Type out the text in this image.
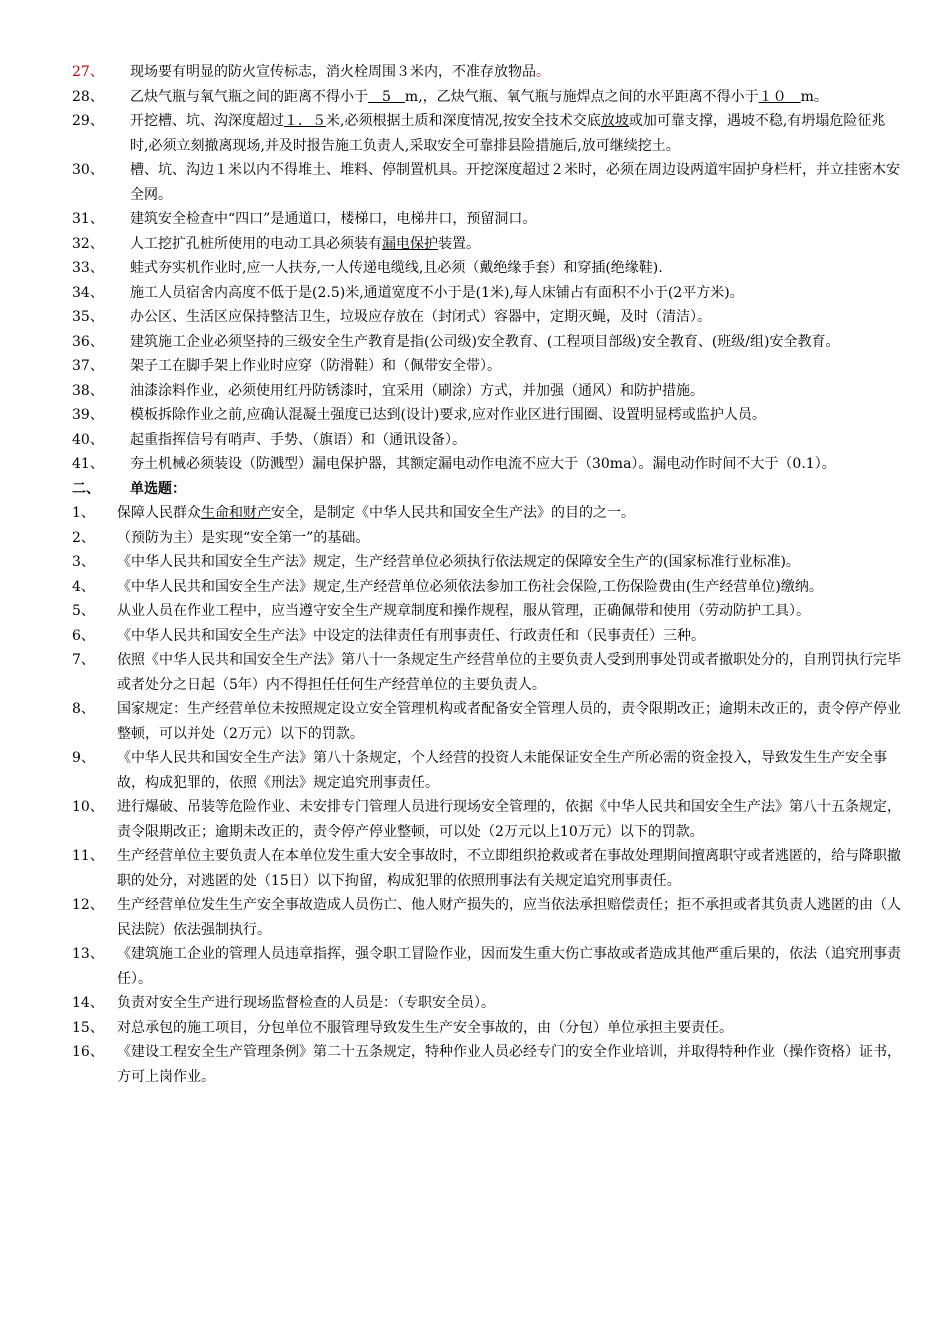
27、	现场要有明显的防火宣传标志，消火栓周围３米内，不准存放物品。
28、	乙炔气瓶与氧气瓶之间的距离不得小于　5　m,，乙炔气瓶、氧气瓶与施焊点之间的水平距离不得小于１０　m。
29、	开挖槽、坑、沟深度超过１．５米,必须根据土质和深度情况,按安全技术交底放坡或加可靠支撑，遇坡不稳,有坍塌危险征兆时,必须立刻撤离现场,并及时报告施工负责人,采取安全可靠排县险措施后,放可继续挖土。
30、	槽、坑、沟边１米以内不得堆土、堆料、停制置机具。开挖深度超过２米时，必须在周边设两道牢固护身栏杆，并立挂密木安全网。
31、	建筑安全检查中“四口”是通道口，楼梯口，电梯井口，预留洞口。
32、	人工挖扩孔桩所使用的电动工具必须装有漏电保护装置。
33、	蛙式夯实机作业时,应一人扶夯,一人传递电缆线,且必须（戴绝缘手套）和穿插(绝缘鞋).
34、	施工人员宿舍内高度不低于是(2.5)米,通道宽度不小于是(1米),每人床铺占有面积不小于(2平方米)。
35、	办公区、生活区应保持整洁卫生，垃圾应存放在（封闭式）容器中，定期灭蝇，及时（清洁）。
36、	建筑施工企业必须坚持的三级安全生产教育是指(公司级)安全教育、(工程项目部级)安全教育、(班级/组)安全教育。
37、	架子工在脚手架上作业时应穿（防滑鞋）和（佩带安全带）。
38、	油漆涂料作业，必须使用红丹防锈漆时，宜采用（刷涂）方式，并加强（通风）和防护措施。
39、	模板拆除作业之前,应确认混凝土强度已达到(设计)要求,应对作业区进行围圈、设置明显樗或监护人员。
40、	起重指挥信号有哨声、手势、（旗语）和（通讯设备）。
41、	夯土机械必须装设（防溅型）漏电保护器，其额定漏电动作电流不应大于（30ma）。漏电动作时间不大于（0.1）。
二、	单选题：
1、	保障人民群众生命和财产安全，是制定《中华人民共和国安全生产法》的目的之一。
2、	（预防为主）是实现“安全第一”的基础。
3、	《中华人民共和国安全生产法》规定，生产经营单位必须执行依法规定的保障安全生产的(国家标准行业标准)。
4、	《中华人民共和国安全生产法》规定,生产经营单位必须依法参加工伤社会保险,工伤保险费由(生产经营单位)缴纳。
5、	从业人员在作业工程中，应当遵守安全生产规章制度和操作规程，服从管理，正确佩带和使用（劳动防护工具）。
6、	《中华人民共和国安全生产法》中设定的法律责任有刑事责任、行政责任和（民事责任）三种。
7、	依照《中华人民共和国安全生产法》第八十一条规定生产经营单位的主要负责人受到刑事处罚或者撤职处分的，自刑罚执行完毕或者处分之日起（5年）内不得担任任何生产经营单位的主要负责人。
8、	国家规定：生产经营单位未按照规定设立安全管理机构或者配备安全管理人员的，责令限期改正；逾期未改正的，责令停产停业整顿，可以并处（2万元）以下的罚款。
9、	《中华人民共和国安全生产法》第八十条规定，个人经营的投资人未能保证安全生产所必需的资金投入，导致发生生产安全事故，构成犯罪的，依照《刑法》规定追究刑事责任。
10、 进行爆破、吊装等危险作业、未安排专门管理人员进行现场安全管理的，依据《中华人民共和国安全生产法》第八十五条规定，责令限期改正；逾期未改正的，责令停产停业整顿，可以处（2万元以上10万元）以下的罚款。
11、 生产经营单位主要负责人在本单位发生重大安全事故时，不立即组织抢救或者在事故处理期间擅离职守或者逃匿的，给与降职撤职的处分，对逃匿的处（15日）以下拘留，构成犯罪的依照刑事法有关规定追究刑事责任。
12、 生产经营单位发生生产安全事故造成人员伤亡、他人财产损失的，应当依法承担赔偿责任；拒不承担或者其负责人逃匿的由（人民法院）依法强制执行。
13、 《建筑施工企业的管理人员违章指挥，强令职工冒险作业，因而发生重大伤亡事故或者造成其他严重后果的，依法（追究刑事责任）。
14、 负责对安全生产进行现场监督检查的人员是：（专职安全员）。
15、 对总承包的施工项目，分包单位不服管理导致发生生产安全事故的，由（分包）单位承担主要责任。
16、 《建设工程安全生产管理条例》第二十五条规定，特种作业人员必经专门的安全作业培训，并取得特种作业（操作资格）证书，方可上岗作业。
